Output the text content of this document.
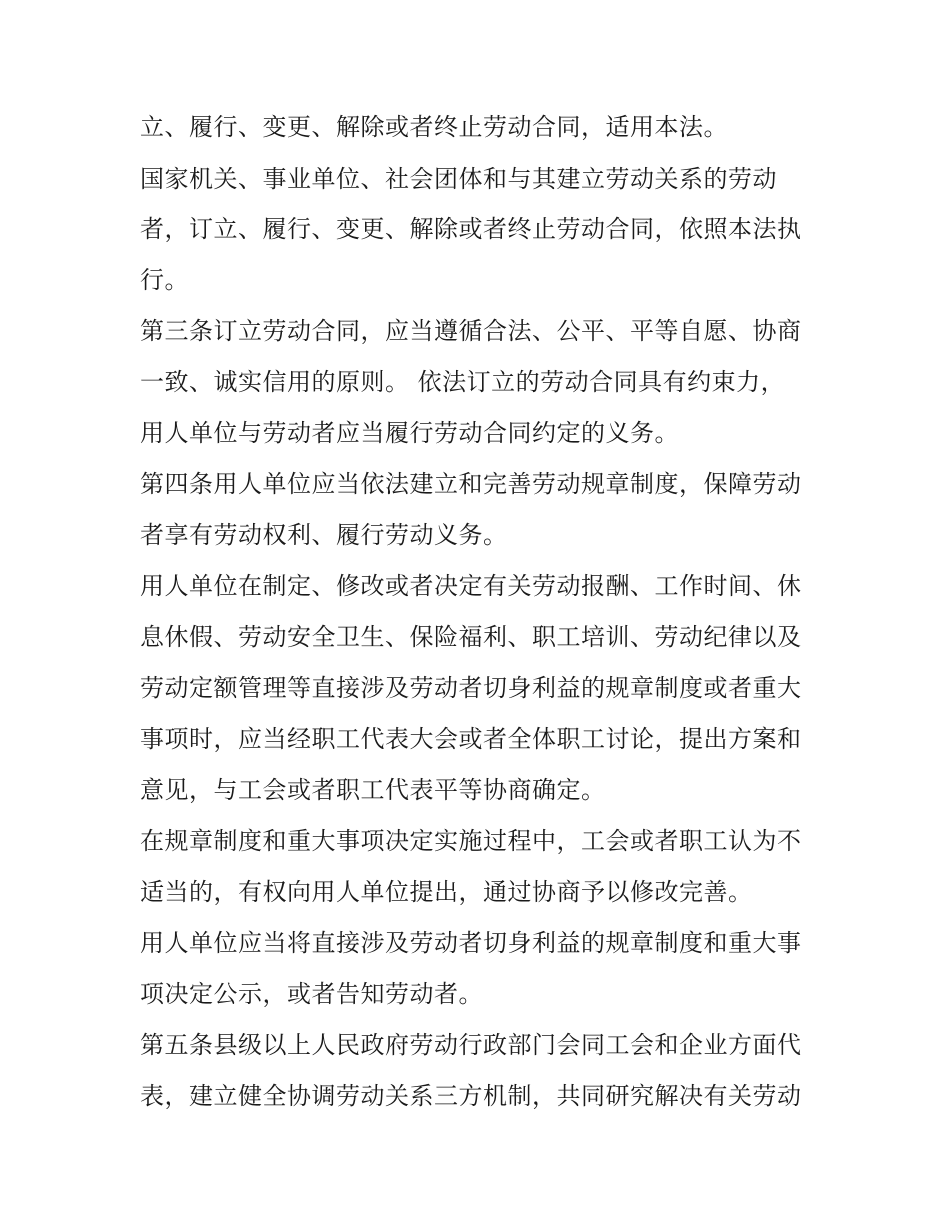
立、履行、变更、解除或者终止劳动合同，适用本法。
国家机关、事业单位、社会团体和与其建立劳动关系的劳动
者，订立、履行、变更、解除或者终止劳动合同，依照本法执
行。
第三条订立劳动合同，应当遵循合法、公平、平等自愿、协商
一致、诚实信用的原则。 依法订立的劳动合同具有约束力，
用人单位与劳动者应当履行劳动合同约定的义务。
第四条用人单位应当依法建立和完善劳动规章制度，保障劳动
者享有劳动权利、履行劳动义务。
用人单位在制定、修改或者决定有关劳动报酬、工作时间、休
息休假、劳动安全卫生、保险福利、职工培训、劳动纪律以及
劳动定额管理等直接涉及劳动者切身利益的规章制度或者重大
事项时，应当经职工代表大会或者全体职工讨论，提出方案和
意见，与工会或者职工代表平等协商确定。
在规章制度和重大事项决定实施过程中，工会或者职工认为不
适当的，有权向用人单位提出，通过协商予以修改完善。
用人单位应当将直接涉及劳动者切身利益的规章制度和重大事
项决定公示，或者告知劳动者。
第五条县级以上人民政府劳动行政部门会同工会和企业方面代
表，建立健全协调劳动关系三方机制，共同研究解决有关劳动
